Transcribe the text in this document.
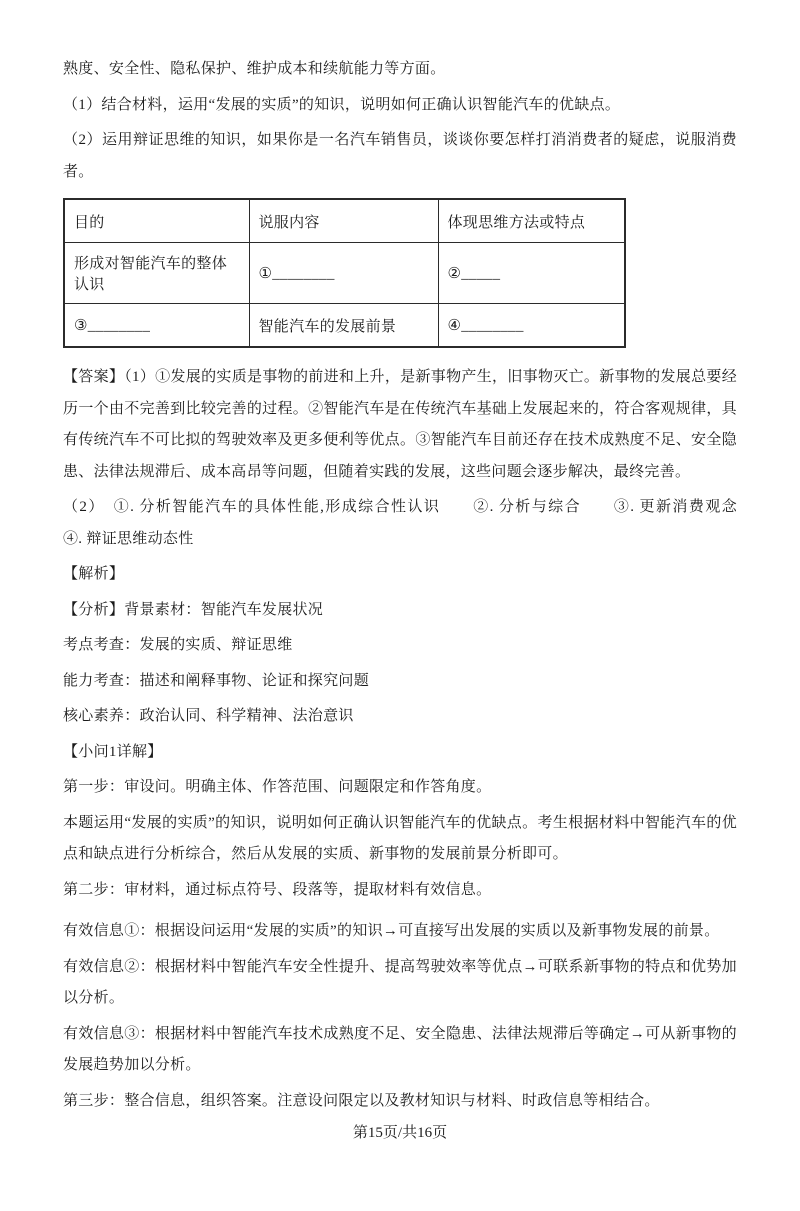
熟度、安全性、隐私保护、维护成本和续航能力等方面。

（1）结合材料，运用“发展的实质”的知识，说明如何正确认识智能汽车的优缺点。

（2）运用辩证思维的知识，如果你是一名汽车销售员，谈谈你要怎样打消消费者的疑虑，说服消费者。

目的	说服内容	体现思维方法或特点
形成对智能汽车的整体认识	①________	②_____
③________	智能汽车的发展前景	④________

【答案】（1）①发展的实质是事物的前进和上升，是新事物产生，旧事物灭亡。新事物的发展总要经历一个由不完善到比较完善的过程。②智能汽车是在传统汽车基础上发展起来的，符合客观规律，具有传统汽车不可比拟的驾驶效率及更多便利等优点。③智能汽车目前还存在技术成熟度不足、安全隐患、法律法规滞后、成本高昂等问题，但随着实践的发展，这些问题会逐步解决，最终完善。

（2）　①. 分析智能汽车的具体性能,形成综合性认识　　②. 分析与综合　　③. 更新消费观念　　④. 辩证思维动态性

【解析】

【分析】背景素材：智能汽车发展状况

考点考查：发展的实质、辩证思维

能力考查：描述和阐释事物、论证和探究问题

核心素养：政治认同、科学精神、法治意识

【小问1详解】

第一步：审设问。明确主体、作答范围、问题限定和作答角度。

本题运用“发展的实质”的知识，说明如何正确认识智能汽车的优缺点。考生根据材料中智能汽车的优点和缺点进行分析综合，然后从发展的实质、新事物的发展前景分析即可。

第二步：审材料，通过标点符号、段落等，提取材料有效信息。

有效信息①：根据设问运用“发展的实质”的知识→可直接写出发展的实质以及新事物发展的前景。

有效信息②：根据材料中智能汽车安全性提升、提高驾驶效率等优点→可联系新事物的特点和优势加以分析。

有效信息③：根据材料中智能汽车技术成熟度不足、安全隐患、法律法规滞后等确定→可从新事物的发展趋势加以分析。

第三步：整合信息，组织答案。注意设问限定以及教材知识与材料、时政信息等相结合。

第15页/共16页
